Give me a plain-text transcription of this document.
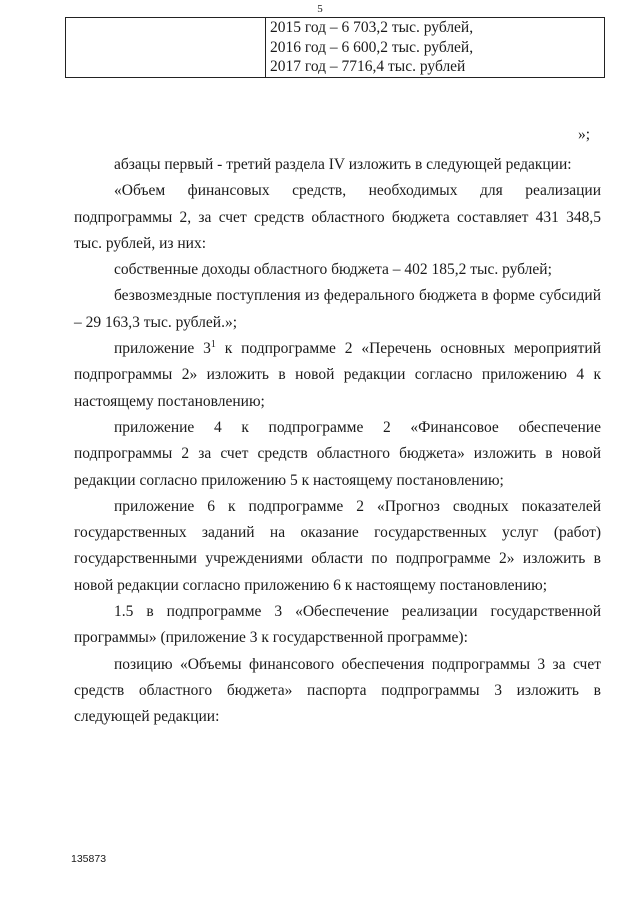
5

2015 год – 6 703,2 тыс. рублей,
2016 год – 6 600,2 тыс. рублей,
2017 год – 7716,4 тыс. рублей
»;

абзацы первый - третий раздела IV изложить в следующей редакции:

«Объем финансовых средств, необходимых для реализации подпрограммы 2, за счет средств областного бюджета составляет 431 348,5 тыс. рублей, из них:

собственные доходы областного бюджета – 402 185,2 тыс. рублей;

безвозмездные поступления из федерального бюджета в форме субсидий – 29 163,3 тыс. рублей.»;

приложение $3^1$ к подпрограмме 2 «Перечень основных мероприятий подпрограммы 2» изложить в новой редакции согласно приложению 4 к настоящему постановлению;

приложение 4 к подпрограмме 2 «Финансовое обеспечение подпрограммы 2 за счет средств областного бюджета» изложить в новой редакции согласно приложению 5 к настоящему постановлению;

приложение 6 к подпрограмме 2 «Прогноз сводных показателей государственных заданий на оказание государственных услуг (работ) государственными учреждениями области по подпрограмме 2» изложить в новой редакции согласно приложению 6 к настоящему постановлению;

1.5 в подпрограмме 3 «Обеспечение реализации государственной программы» (приложение 3 к государственной программе):

позицию «Объемы финансового обеспечения подпрограммы 3 за счет средств областного бюджета» паспорта подпрограммы 3 изложить в следующей редакции:

135873
